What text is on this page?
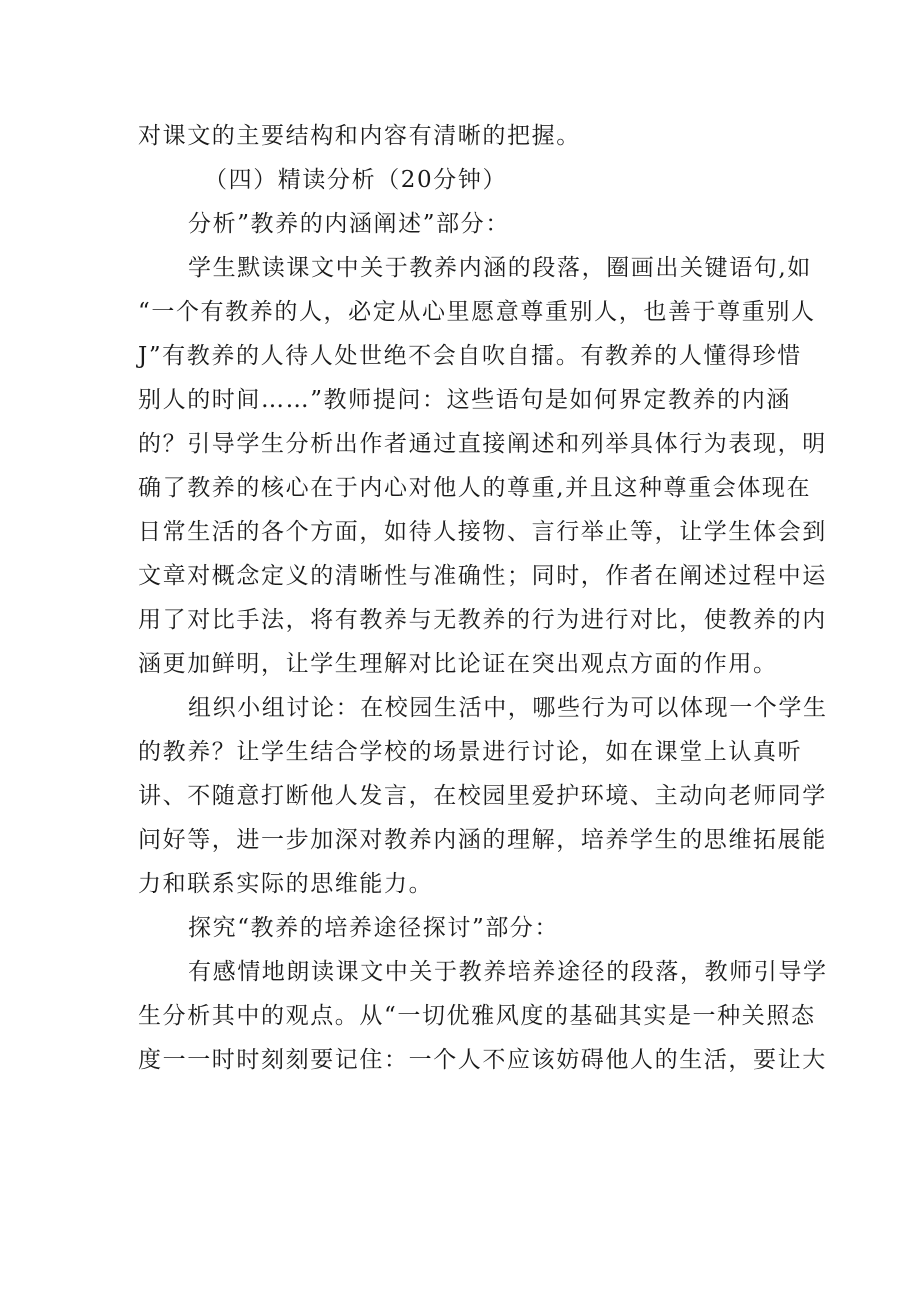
对课文的主要结构和内容有清晰的把握。
（四）精读分析（20分钟）
分析”教养的内涵阐述”部分：
学生默读课文中关于教养内涵的段落，圈画出关键语句,如
“一个有教养的人，必定从心里愿意尊重别人，也善于尊重别人
J”有教养的人待人处世绝不会自吹自擂。有教养的人懂得珍惜
别人的时间……”教师提问：这些语句是如何界定教养的内涵
的？引导学生分析出作者通过直接阐述和列举具体行为表现，明
确了教养的核心在于内心对他人的尊重,并且这种尊重会体现在
日常生活的各个方面，如待人接物、言行举止等，让学生体会到
文章对概念定义的清晰性与准确性；同时，作者在阐述过程中运
用了对比手法，将有教养与无教养的行为进行对比，使教养的内
涵更加鲜明，让学生理解对比论证在突出观点方面的作用。
组织小组讨论：在校园生活中，哪些行为可以体现一个学生
的教养？让学生结合学校的场景进行讨论，如在课堂上认真听
讲、不随意打断他人发言，在校园里爱护环境、主动向老师同学
问好等，进一步加深对教养内涵的理解，培养学生的思维拓展能
力和联系实际的思维能力。
探究“教养的培养途径探讨”部分：
有感情地朗读课文中关于教养培养途径的段落，教师引导学
生分析其中的观点。从“一切优雅风度的基础其实是一种关照态
度一一时时刻刻要记住：一个人不应该妨碍他人的生活，要让大
